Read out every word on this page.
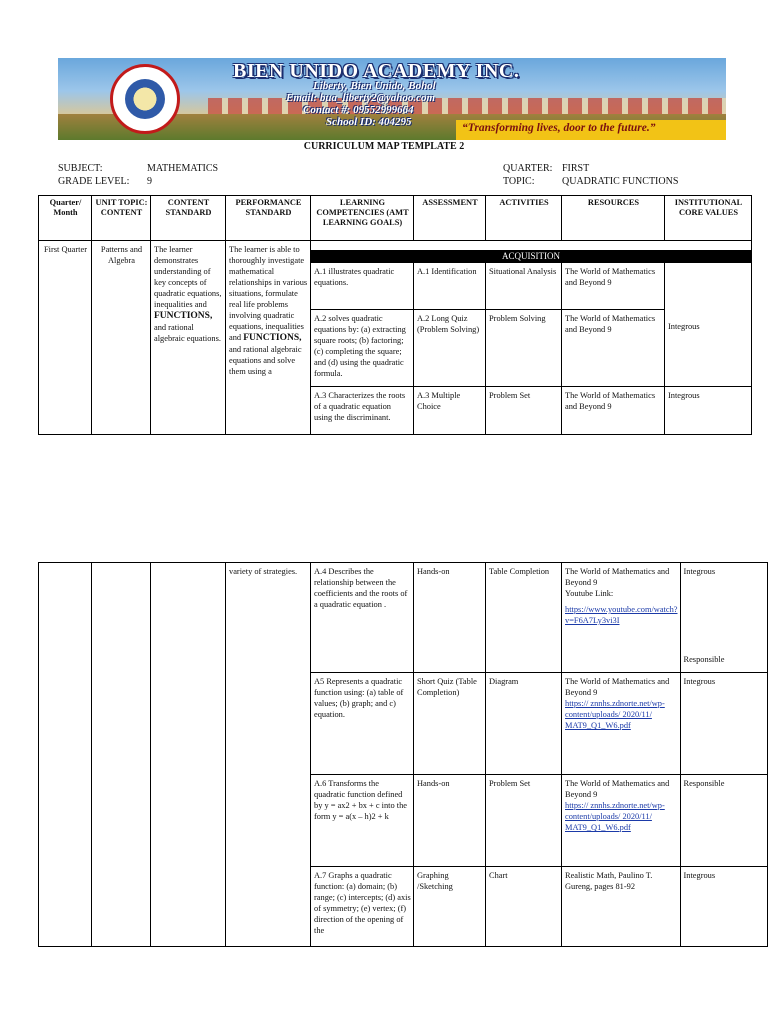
BIEN UNIDO ACADEMY INC.
Liberty, Bien Unido, Bohol
Email: bua_liberty2@yahoo.com
Contact #: 09552999664
School ID: 404295	“Transforming lives, door to the future.”
CURRICULUM MAP TEMPLATE 2
SUBJECT:	MATHEMATICS
GRADE LEVEL: 9
QUARTER: FIRST
TOPIC:	QUADRATIC FUNCTIONS
Quarter/ Month	UNIT TOPIC: CONTENT	CONTENT STANDARD	PERFORMANCE STANDARD	LEARNING COMPETENCIES (AMT LEARNING GOALS)	ASSESSMENT	ACTIVITIES	RESOURCES	INSTITUTIONAL CORE VALUES
First Quarter	Patterns and Algebra	The learner demonstrates understanding of key concepts of quadratic equations, inequalities and FUNCTIONS, and rational algebraic equations.	The learner is able to thoroughly investigate mathematical relationships in various situations, formulate real life problems involving quadratic equations, inequalities and FUNCTIONS, and rational algebraic equations and solve them using a	ACQUISITION				

				A.1 illustrates quadratic equations.	A.1 Identification	Situational Analysis	The World of Mathematics and Beyond 9	Integrous
				A.2 solves quadratic equations by: (a) extracting square roots; (b) factoring; (c) completing the square; and (d) using the quadratic formula.	A.2 Long Quiz (Problem Solving)	Problem Solving	The World of Mathematics and Beyond 9	
				A.3 Characterizes the roots of a quadratic equation using the discriminant.	A.3 Multiple Choice	Problem Set	The World of Mathematics and Beyond 9	Integrous
			variety of strategies.	A.4 Describes the relationship between the coefficients and the roots of a quadratic equation .	Hands-on	Table Completion	The World of Mathematics and Beyond 9
Youtube Link:
https://www.youtube.com/watch?v=F6A7Ly3vi3I	Integrous
Responsible

				A5 Represents a quadratic function using: (a) table of values; (b) graph; and c) equation.	Short Quiz (Table Completion)	Diagram	The World of Mathematics and Beyond 9
https:// znnhs.zdnorte.net/wp-content/uploads/ 2020/11/ MAT9_Q1_W6.pdf	Integrous
				A.6 Transforms the quadratic function defined by y = ax2 + bx + c into the form y = a(x – h)2 + k	Hands-on	Problem Set	The World of Mathematics and Beyond 9
https:// znnhs.zdnorte.net/wp-content/uploads/ 2020/11/ MAT9_Q1_W6.pdf	Responsible
				A.7 Graphs a quadratic function: (a) domain; (b) range; (c) intercepts; (d) axis of symmetry; (e) vertex; (f) direction of the opening of the	Graphing /Sketching	Chart	Realistic Math, Paulino T. Gureng, pages 81-92	Integrous
